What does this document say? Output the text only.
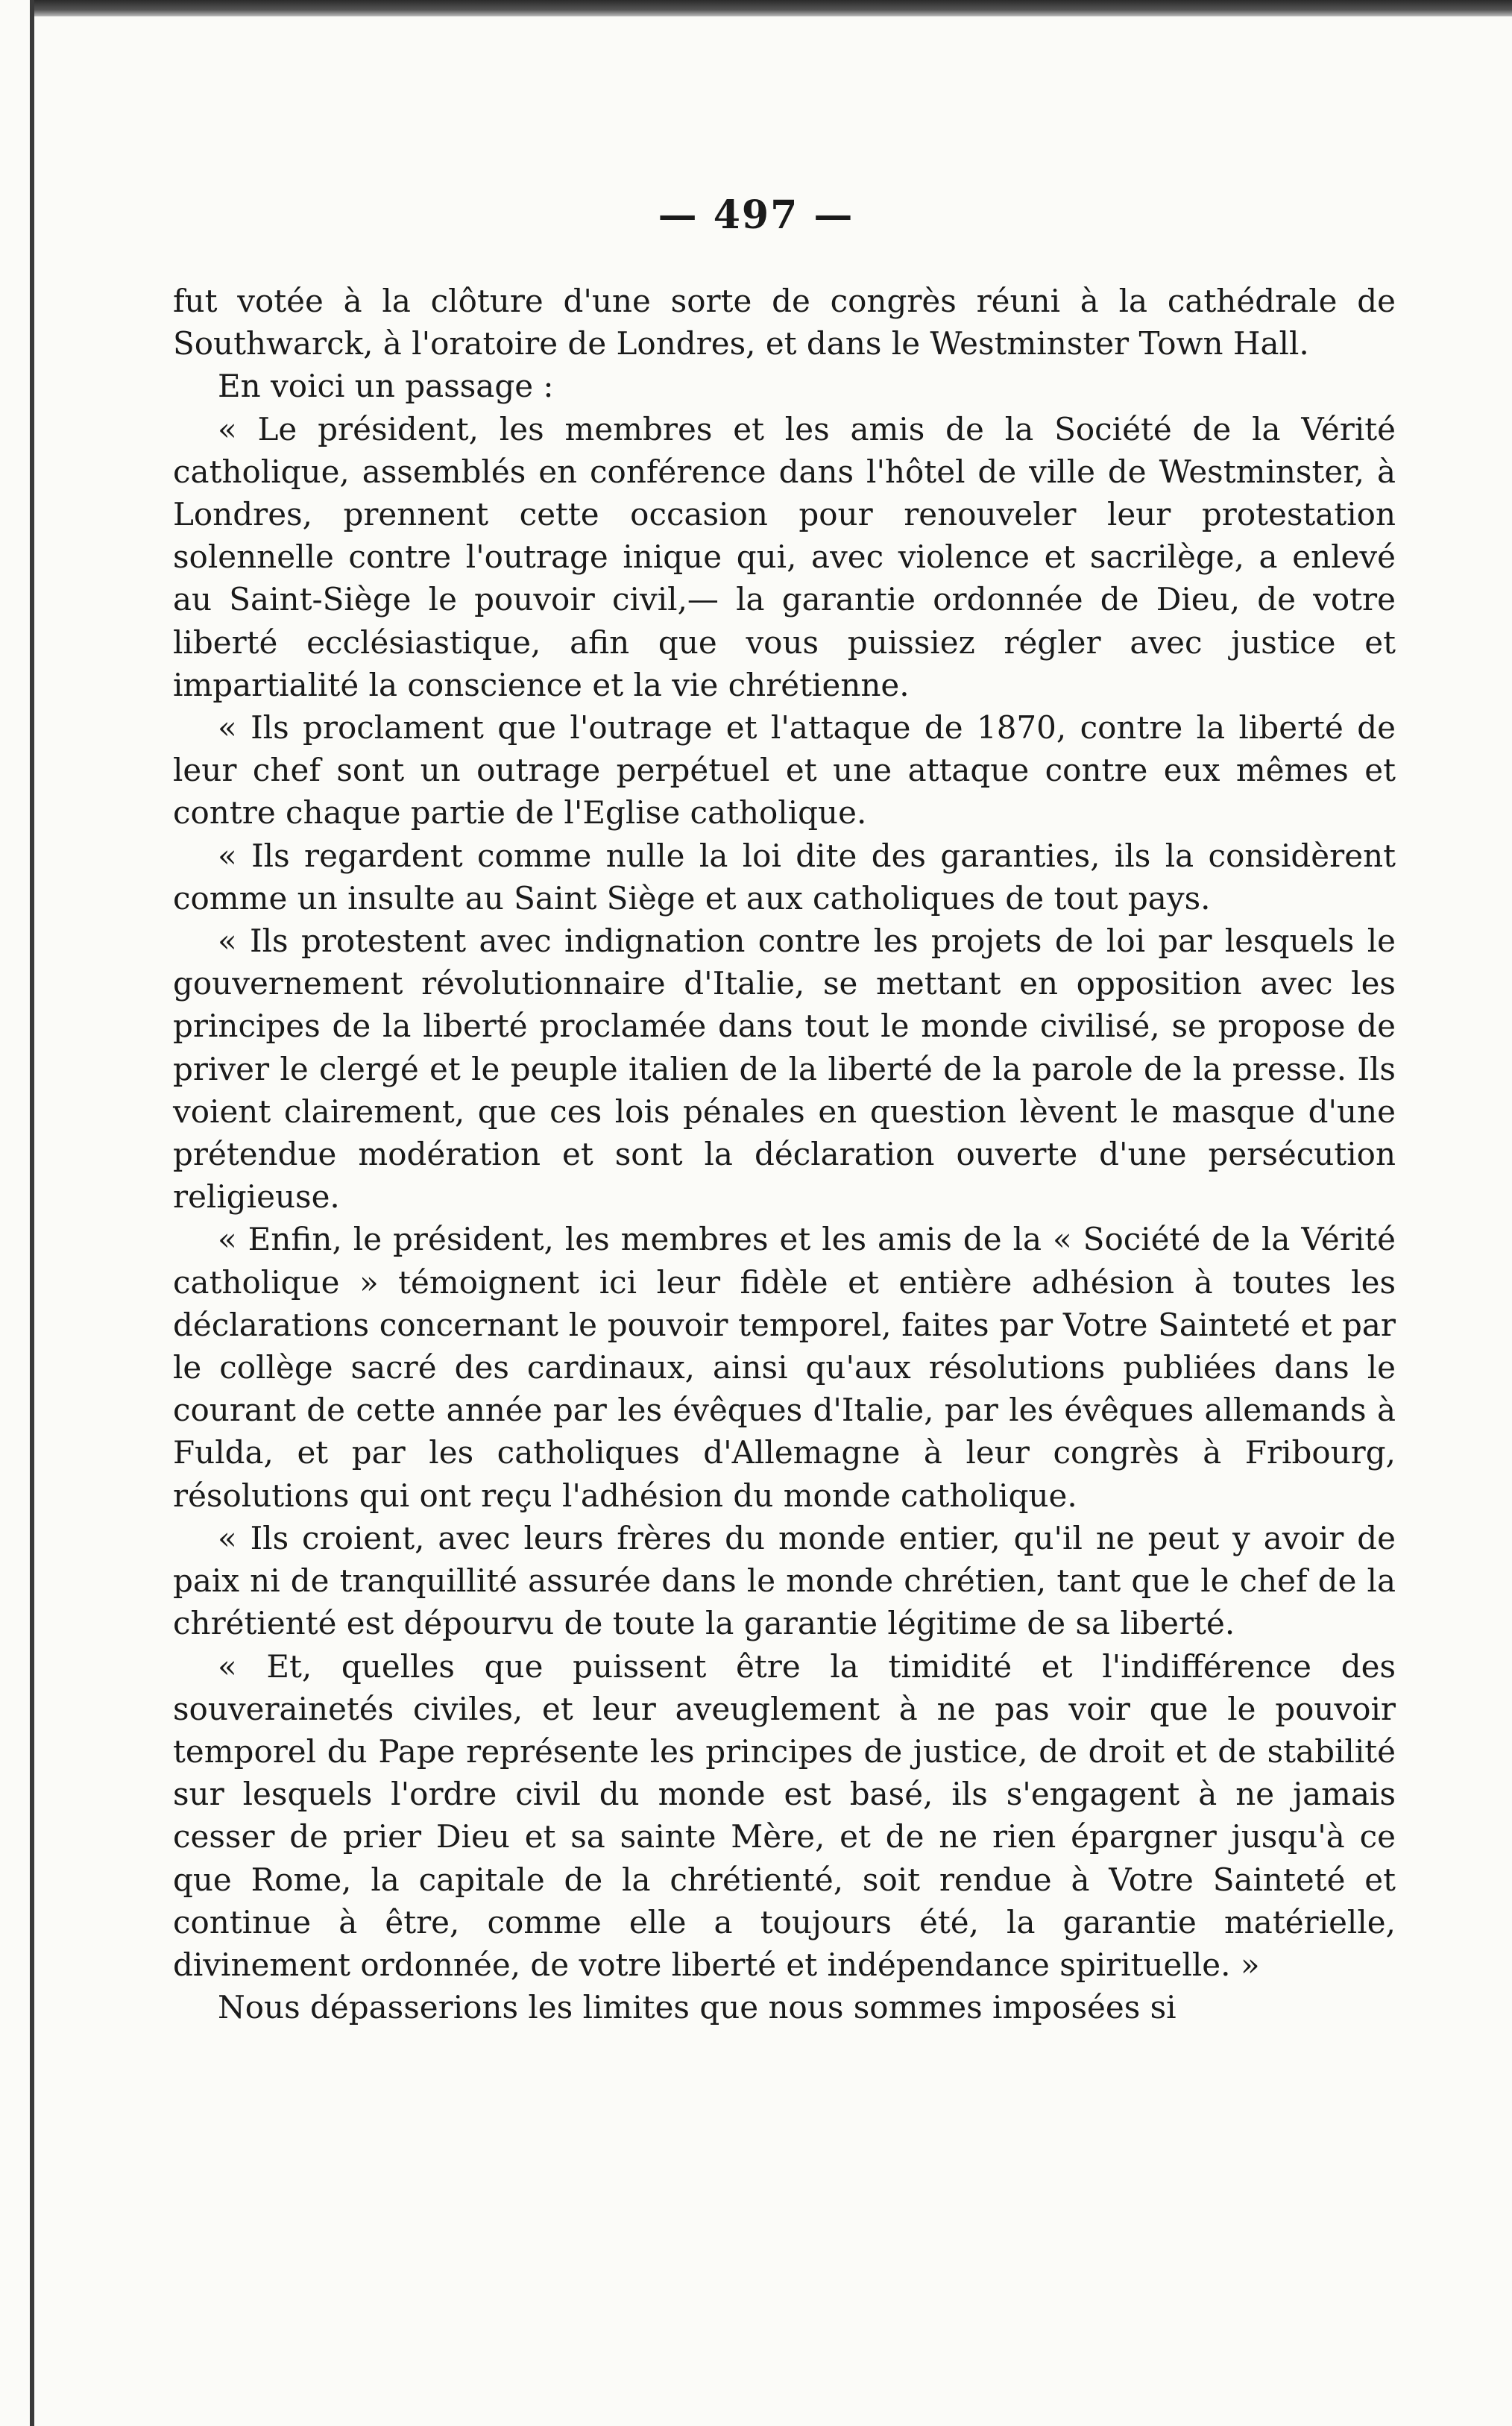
— 497 —

fut votée à la clôture d'une sorte de congrès réuni à la cathédrale de Southwarck, à l'oratoire de Londres, et dans le Westminster Town Hall.

En voici un passage :

« Le président, les membres et les amis de la Société de la Vérité catholique, assemblés en conférence dans l'hôtel de ville de Westminster, à Londres, prennent cette occasion pour renouveler leur protestation solennelle contre l'outrage inique qui, avec violence et sacrilège, a enlevé au Saint-Siège le pouvoir civil,— la garantie ordonnée de Dieu, de votre liberté ecclésiastique, afin que vous puissiez régler avec justice et impartialité la conscience et la vie chrétienne.

« Ils proclament que l'outrage et l'attaque de 1870, contre la liberté de leur chef sont un outrage perpétuel et une attaque contre eux mêmes et contre chaque partie de l'Eglise catholique.

« Ils regardent comme nulle la loi dite des garanties, ils la considèrent comme un insulte au Saint Siège et aux catholiques de tout pays.

« Ils protestent avec indignation contre les projets de loi par lesquels le gouvernement révolutionnaire d'Italie, se mettant en opposition avec les principes de la liberté proclamée dans tout le monde civilisé, se propose de priver le clergé et le peuple italien de la liberté de la parole de la presse. Ils voient clairement, que ces lois pénales en question lèvent le masque d'une prétendue modération et sont la déclaration ouverte d'une persécution religieuse.

« Enfin, le président, les membres et les amis de la « Société de la Vérité catholique » témoignent ici leur fidèle et entière adhésion à toutes les déclarations concernant le pouvoir temporel, faites par Votre Sainteté et par le collège sacré des cardinaux, ainsi qu'aux résolutions publiées dans le courant de cette année par les évêques d'Italie, par les évêques allemands à Fulda, et par les catholiques d'Allemagne à leur congrès à Fribourg, résolutions qui ont reçu l'adhésion du monde catholique.

« Ils croient, avec leurs frères du monde entier, qu'il ne peut y avoir de paix ni de tranquillité assurée dans le monde chrétien, tant que le chef de la chrétienté est dépourvu de toute la garantie légitime de sa liberté.

« Et, quelles que puissent être la timidité et l'indifférence des souverainetés civiles, et leur aveuglement à ne pas voir que le pouvoir temporel du Pape représente les principes de justice, de droit et de stabilité sur lesquels l'ordre civil du monde est basé, ils s'engagent à ne jamais cesser de prier Dieu et sa sainte Mère, et de ne rien épargner jusqu'à ce que Rome, la capitale de la chrétienté, soit rendue à Votre Sainteté et continue à être, comme elle a toujours été, la garantie matérielle, divinement ordonnée, de votre liberté et indépendance spirituelle. »

Nous dépasserions les limites que nous sommes imposées si
